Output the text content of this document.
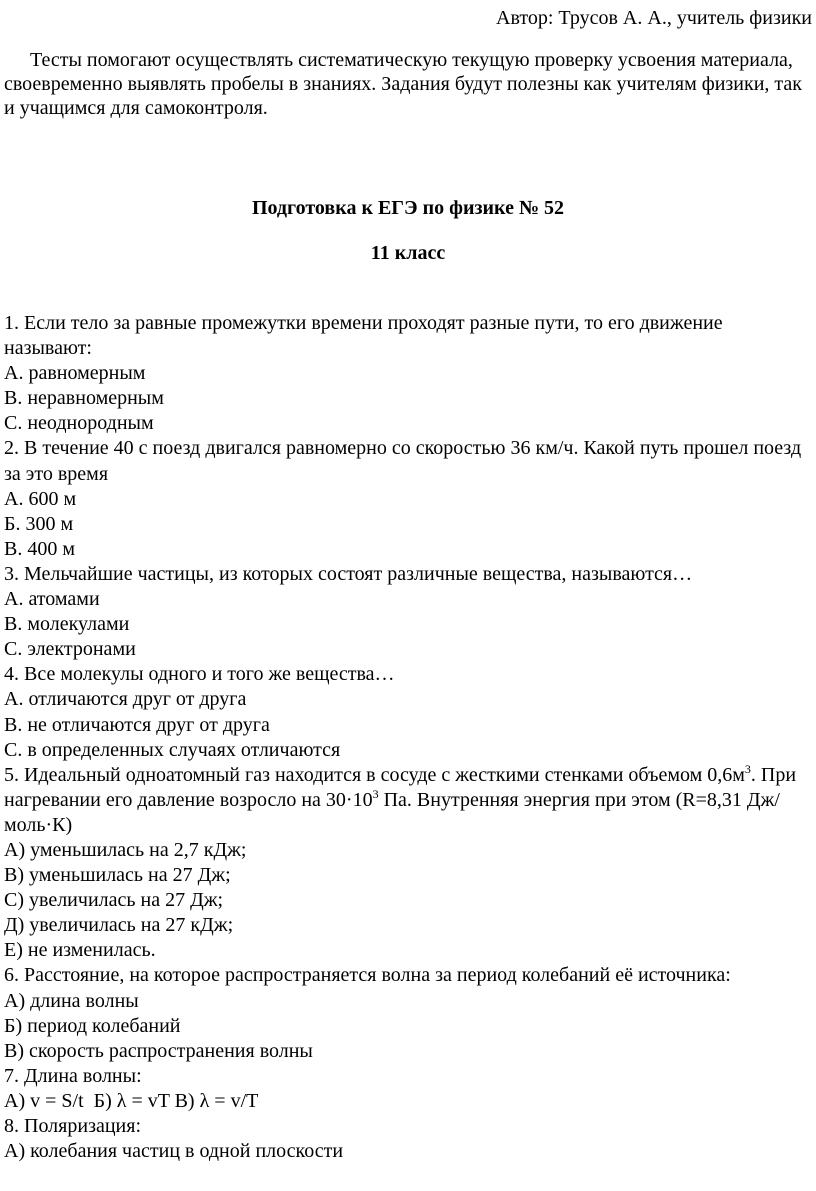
Автор: Трусов А. А., учитель физики
Тесты помогают осуществлять систематическую текущую проверку усвоения материала, своевременно выявлять пробелы в знаниях. Задания будут полезны как учителям физики, так и учащимся для самоконтроля.
Подготовка к ЕГЭ по физике № 52
11 класс
1. Если тело за равные промежутки времени проходят разные пути, то его движение называют:
А. равномерным
В. неравномерным
С. неоднородным
2. В течение 40 с поезд двигался равномерно со скоростью 36 км/ч. Какой путь прошел поезд за это время
А. 600 м
Б. 300 м
В. 400 м
3. Мельчайшие частицы, из которых состоят различные вещества, называются…
А. атомами
В. молекулами
С. электронами
4. Все молекулы одного и того же вещества…
А. отличаются друг от друга
В. не отличаются друг от друга
С. в определенных случаях отличаются
5. Идеальный одноатомный газ находится в сосуде с жесткими стенками объемом $0,6м^3$. При нагревании его давление возросло на $30\cdot 10^3$ Па. Внутренняя энергия при этом (R=8,31 Дж/моль·К)
А) уменьшилась на 2,7 кДж;
В) уменьшилась на 27 Дж;
С) увеличилась на 27 Дж;
Д) увеличилась на 27 кДж;
Е) не изменилась.
6. Расстояние, на которое распространяется волна за период колебаний её источника:
А) длина волны
Б) период колебаний
В) скорость распространения волны
7. Длина волны:
А) v = S/t  Б) λ = vT В) λ = v/T
8. Поляризация:
А) колебания частиц в одной плоскости
